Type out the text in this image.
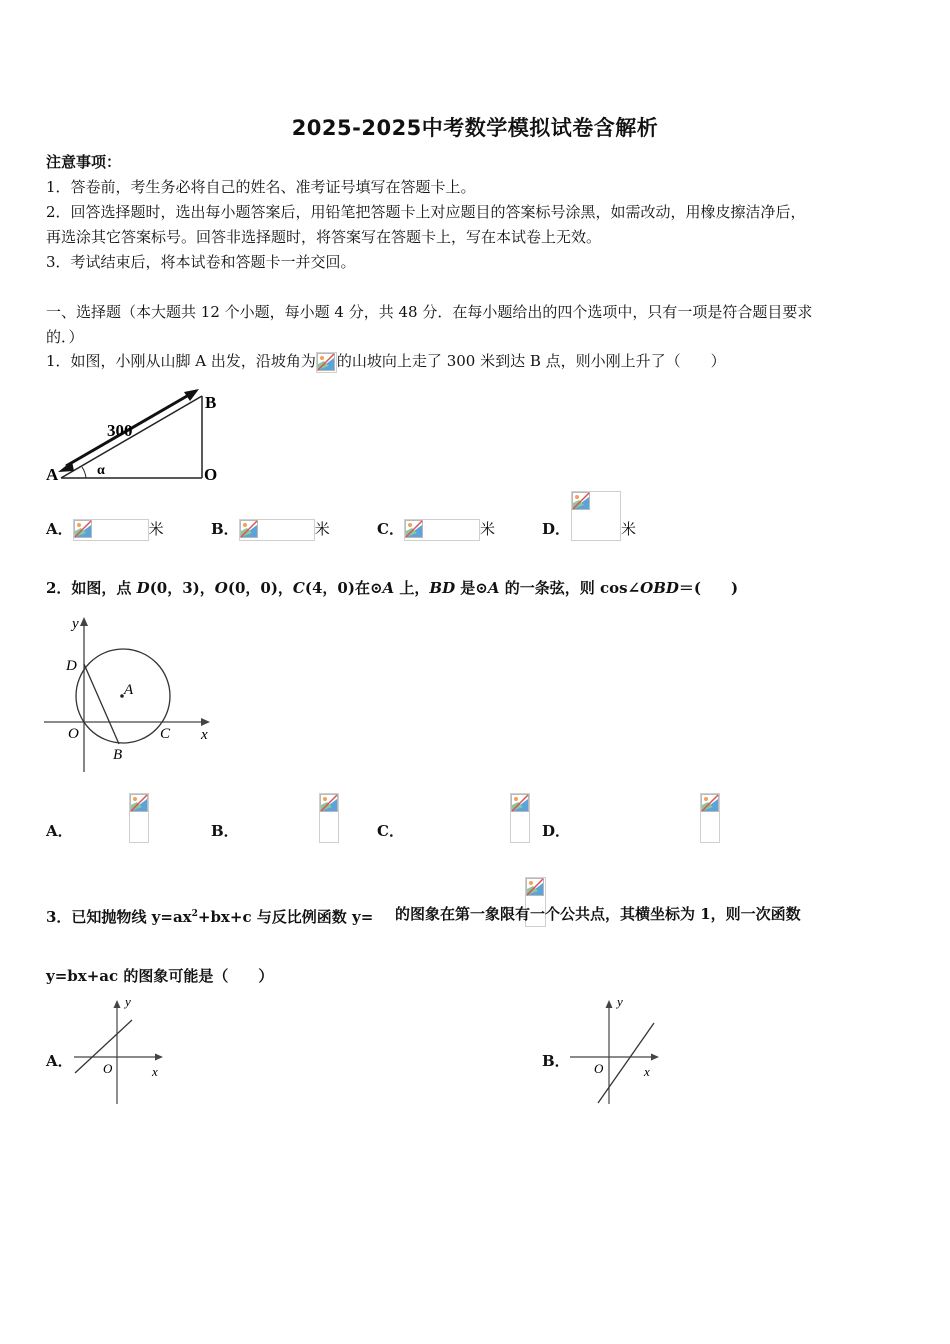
2025-2025中考数学模拟试卷含解析
注意事项：
1．答卷前，考生务必将自己的姓名、准考证号填写在答题卡上。
2．回答选择题时，选出每小题答案后，用铅笔把答题卡上对应题目的答案标号涂黑，如需改动，用橡皮擦洁净后，
再选涂其它答案标号。回答非选择题时，将答案写在答题卡上，写在本试卷上无效。
3．考试结束后，将本试卷和答题卡一并交回。
一、选择题（本大题共 12 个小题，每小题 4 分，共 48 分．在每小题给出的四个选项中，只有一项是符合题目要求
的．）
1．如图，小刚从山脚 A 出发，沿坡角为 的山坡向上走了 300 米到达 B 点，则小刚上升了（　　）
B
A	O
300
α
A．	米	B．	米	C．	米	D．
	米
2．如图，点 D(0，3)，O(0，0)，C(4，0)在⊙A 上，BD 是⊙A 的一条弦，则 cos∠OBD＝(　　)
y
x
D
A
O
B
C
A．
	B．
	C．
	D．

3．已知抛物线 $y=ax^2+bx+c$ 与反比例函数 y= 的图象在第一象限有一个公共点，其横坐标为 1，则一次函数
y=bx+ac 的图象可能是（　　）
A．
y
x
O	B．
y
x
O
